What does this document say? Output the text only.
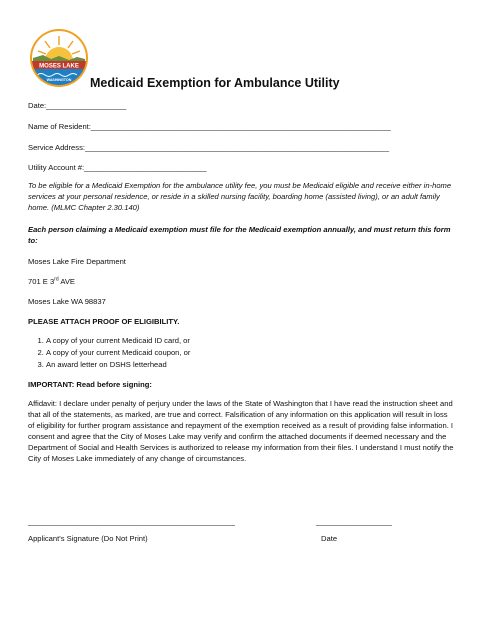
MOSES LAKE
WASHINGTON Medicaid Exemption for Ambulance Utility
Date:___________________
Name of Resident:_______________________________________________________________________
Service Address:________________________________________________________________________
Utility Account #:_____________________________
To be eligible for a Medicaid Exemption for the ambulance utility fee, you must be Medicaid eligible and receive either in-home services at your personal residence, or reside in a skilled nursing facility, boarding home (assisted living), or an adult family home. (MLMC Chapter 2.30.140)
Each person claiming a Medicaid exemption must file for the Medicaid exemption annually, and must return this form to:
Moses Lake Fire Department
701 E 3rd AVE
Moses Lake WA 98837
PLEASE ATTACH PROOF OF ELIGIBILITY.
1. A copy of your current Medicaid ID card, or
2. A copy of your current Medicaid coupon, or
3. An award letter on DSHS letterhead
IMPORTANT: Read before signing:
Affidavit: I declare under penalty of perjury under the laws of the State of Washington that I have read the instruction sheet and that all of the statements, as marked, are true and correct. Falsification of any information on this application will result in loss of eligibility for further program assistance and repayment of the exemption received as a result of providing false information. I consent and agree that the City of Moses Lake may verify and confirm the attached documents if deemed necessary and the Department of Social and Health Services is authorized to release my information from their files. I understand I must notify the City of Moses Lake immediately of any change of circumstances.
_________________________________________________	__________________
Applicant's Signature (Do Not Print)	Date
